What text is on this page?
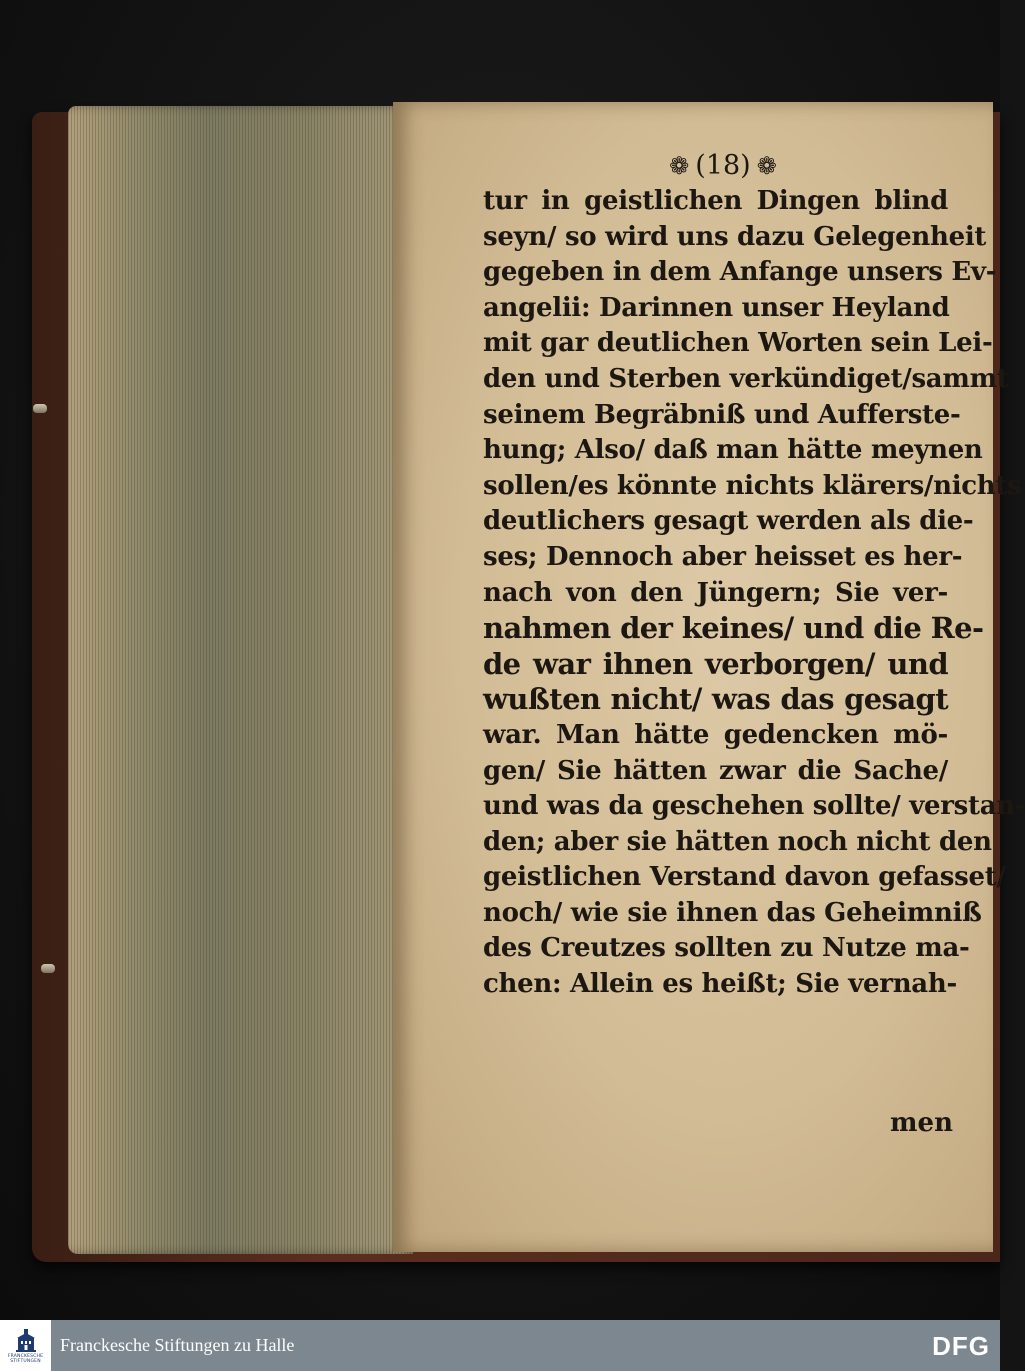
❁ (18) ❁
tur in geistlichen Dingen blind
seyn/ so wird uns dazu Gelegenheit
gegeben in dem Anfange unsers Ev-
angelii: Darinnen unser Heyland
mit gar deutlichen Worten sein Lei-
den und Sterben verkündiget/sammt
seinem Begräbniß und Aufferste-
hung; Also/ daß man hätte meynen
sollen/es könnte nichts klärers/nichts
deutlichers gesagt werden als die-
ses; Dennoch aber heisset es her-
nach von den Jüngern; Sie ver-
nahmen der keines/ und die Re-
de war ihnen verborgen/ und
wußten nicht/ was das gesagt
war. Man hätte gedencken mö-
gen/ Sie hätten zwar die Sache/
und was da geschehen sollte/ verstan-
den; aber sie hätten noch nicht den
geistlichen Verstand davon gefasset/
noch/ wie sie ihnen das Geheimniß
des Creutzes sollten zu Nutze ma-
chen: Allein es heißt; Sie vernah-
men
FRANCKESCHE
STIFTUNGEN
Franckesche Stiftungen zu Halle	DFG
